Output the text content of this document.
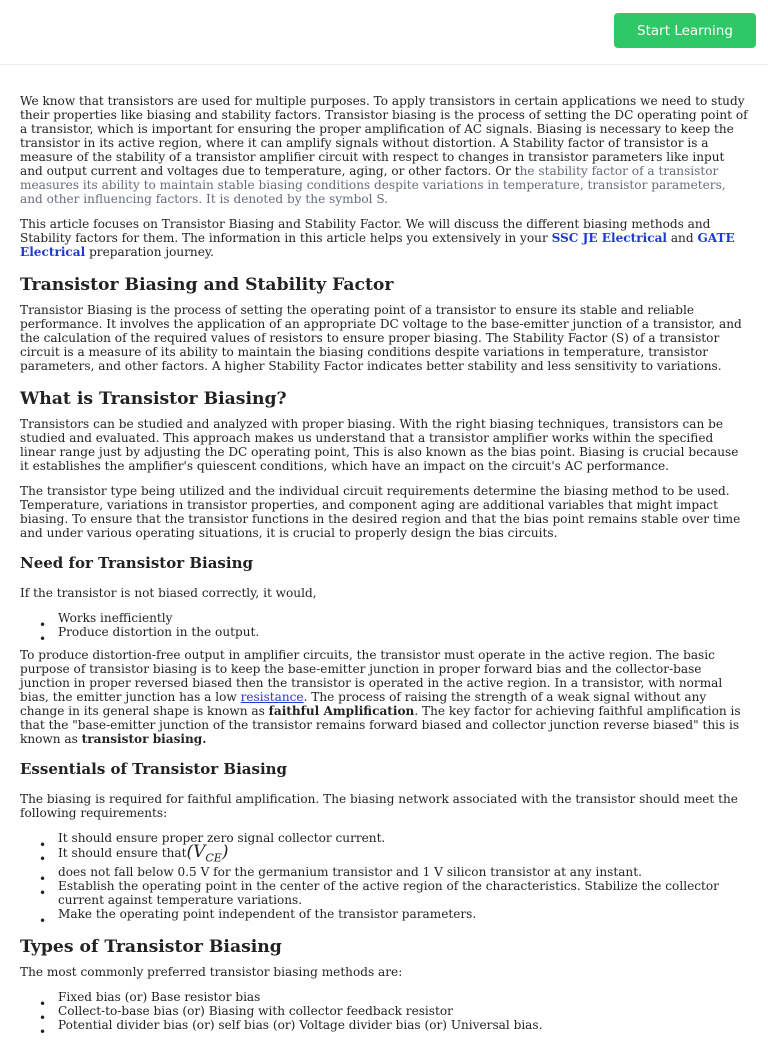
Start Learning

We know that transistors are used for multiple purposes. To apply transistors in certain applications we need to study their properties like biasing and stability factors. Transistor biasing is the process of setting the DC operating point of a transistor, which is important for ensuring the proper amplification of AC signals. Biasing is necessary to keep the transistor in its active region, where it can amplify signals without distortion. A Stability factor of transistor is a measure of the stability of a transistor amplifier circuit with respect to changes in transistor parameters like input and output current and voltages due to temperature, aging, or other factors. Or the stability factor of a transistor measures its ability to maintain stable biasing conditions despite variations in temperature, transistor parameters, and other influencing factors. It is denoted by the symbol S.

This article focuses on Transistor Biasing and Stability Factor. We will discuss the different biasing methods and Stability factors for them. The information in this article helps you extensively in your SSC JE Electrical and GATE Electrical preparation journey.

Transistor Biasing and Stability Factor

Transistor Biasing is the process of setting the operating point of a transistor to ensure its stable and reliable performance. It involves the application of an appropriate DC voltage to the base-emitter junction of a transistor, and the calculation of the required values of resistors to ensure proper biasing. The Stability Factor (S) of a transistor circuit is a measure of its ability to maintain the biasing conditions despite variations in temperature, transistor parameters, and other factors. A higher Stability Factor indicates better stability and less sensitivity to variations.

What is Transistor Biasing?

Transistors can be studied and analyzed with proper biasing. With the right biasing techniques, transistors can be studied and evaluated. This approach makes us understand that a transistor amplifier works within the specified linear range just by adjusting the DC operating point, This is also known as the bias point. Biasing is crucial because it establishes the amplifier's quiescent conditions, which have an impact on the circuit's AC performance.

The transistor type being utilized and the individual circuit requirements determine the biasing method to be used. Temperature, variations in transistor properties, and component aging are additional variables that might impact biasing. To ensure that the transistor functions in the desired region and that the bias point remains stable over time and under various operating situations, it is crucial to properly design the bias circuits.

Need for Transistor Biasing

If the transistor is not biased correctly, it would,

• Works inefficiently
• Produce distortion in the output.

To produce distortion-free output in amplifier circuits, the transistor must operate in the active region. The basic purpose of transistor biasing is to keep the base-emitter junction in proper forward bias and the collector-base junction in proper reversed biased then the transistor is operated in the active region. In a transistor, with normal bias, the emitter junction has a low resistance. The process of raising the strength of a weak signal without any change in its general shape is known as faithful Amplification. The key factor for achieving faithful amplification is that the "base-emitter junction of the transistor remains forward biased and collector junction reverse biased" this is known as transistor biasing.

Essentials of Transistor Biasing

The biasing is required for faithful amplification. The biasing network associated with the transistor should meet the following requirements:

• It should ensure proper zero signal collector current.
• It should ensure $that(V_{CE})$
• does not fall below 0.5 V for the germanium transistor and 1 V silicon transistor at any instant.
• Establish the operating point in the center of the active region of the characteristics. Stabilize the collector current against temperature variations.
• Make the operating point independent of the transistor parameters.
Types of Transistor Biasing

The most commonly preferred transistor biasing methods are:

• Fixed bias (or) Base resistor bias
• Collect-to-base bias (or) Biasing with collector feedback resistor
• Potential divider bias (or) self bias (or) Voltage divider bias (or) Universal bias.
